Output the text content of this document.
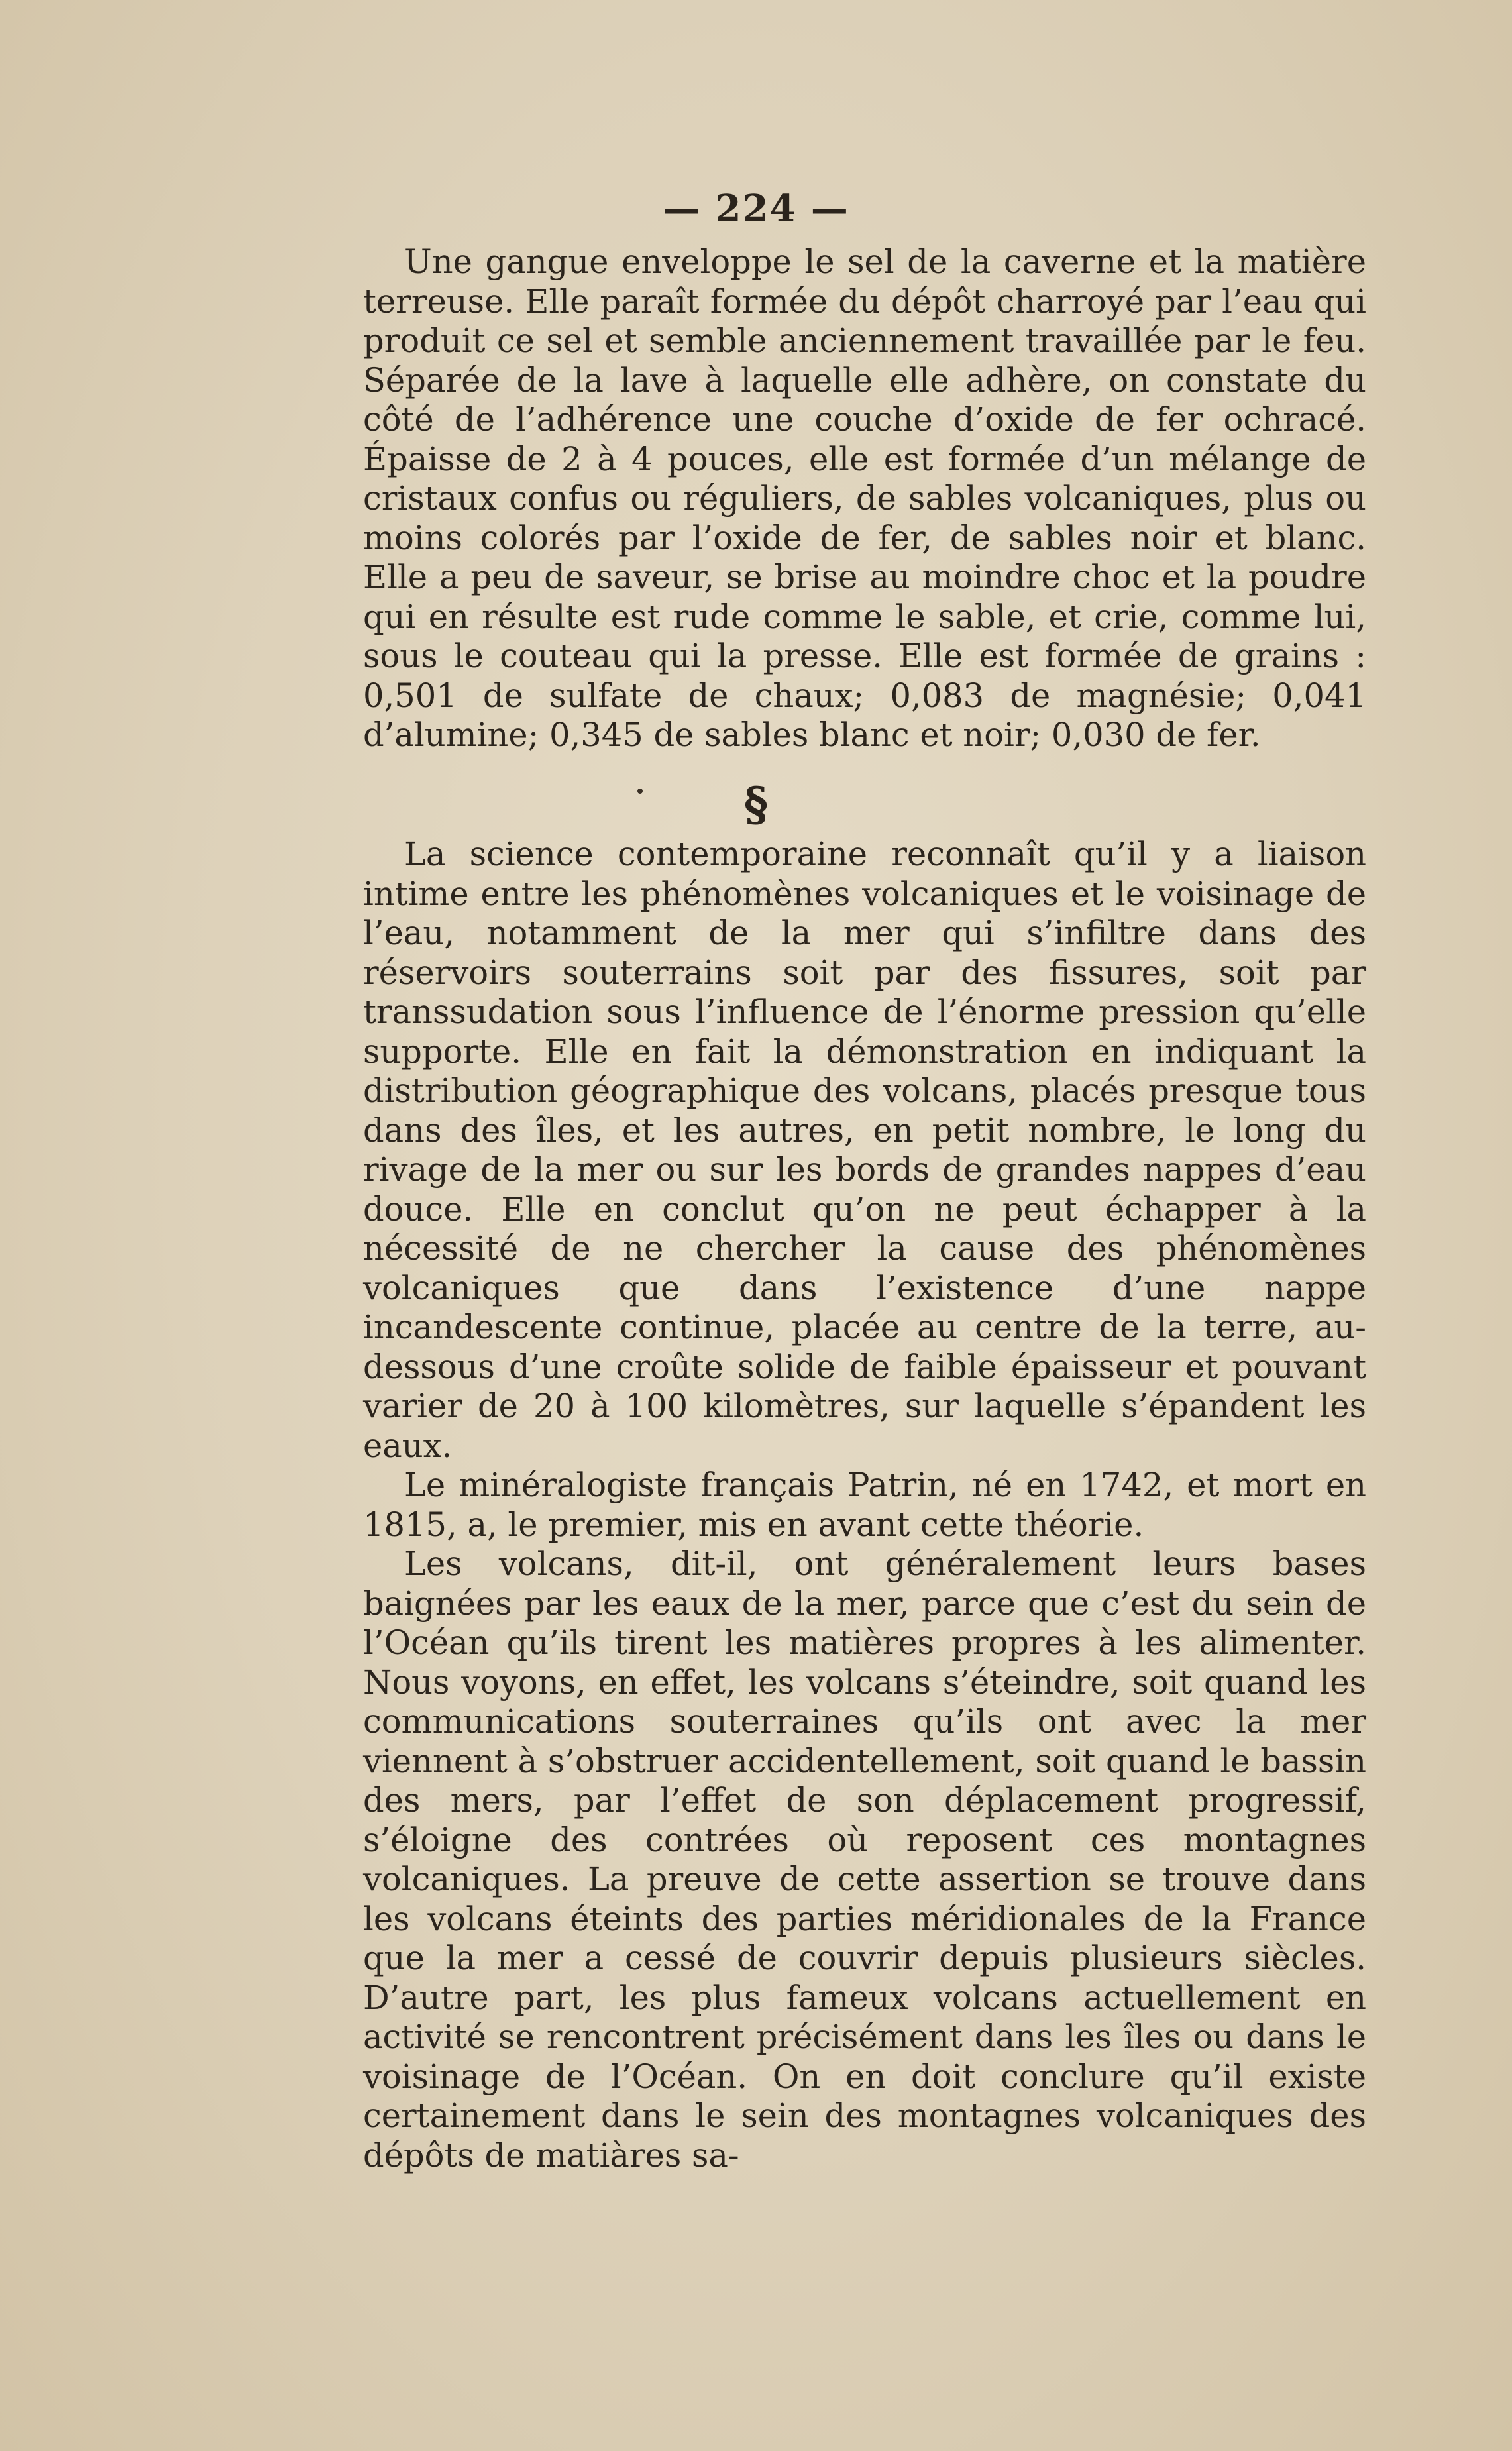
— 224 —

Une gangue enveloppe le sel de la caverne et la matière terreuse. Elle paraît formée du dépôt charroyé par l’eau qui produit ce sel et semble anciennement travaillée par le feu. Séparée de la lave à laquelle elle adhère, on constate du côté de l’adhérence une couche d’oxide de fer ochracé. Épaisse de 2 à 4 pouces, elle est formée d’un mélange de cristaux confus ou réguliers, de sables volcaniques, plus ou moins colorés par l’oxide de fer, de sables noir et blanc. Elle a peu de saveur, se brise au moindre choc et la poudre qui en résulte est rude comme le sable, et crie, comme lui, sous le couteau qui la presse. Elle est formée de grains : 0,501 de sulfate de chaux; 0,083 de magnésie; 0,041 d’alumine; 0,345 de sables blanc et noir; 0,030 de fer.

§

La science contemporaine reconnaît qu’il y a liaison intime entre les phénomènes volcaniques et le voisinage de l’eau, notamment de la mer qui s’infiltre dans des réservoirs souterrains soit par des fissures, soit par transsudation sous l’influence de l’énorme pression qu’elle supporte. Elle en fait la démonstration en indiquant la distribution géographique des volcans, placés presque tous dans des îles, et les autres, en petit nombre, le long du rivage de la mer ou sur les bords de grandes nappes d’eau douce. Elle en conclut qu’on ne peut échapper à la nécessité de ne chercher la cause des phénomènes volcaniques que dans l’existence d’une nappe incandescente continue, placée au centre de la terre, au-dessous d’une croûte solide de faible épaisseur et pouvant varier de 20 à 100 kilomètres, sur laquelle s’épandent les eaux.

Le minéralogiste français Patrin, né en 1742, et mort en 1815, a, le premier, mis en avant cette théorie.

Les volcans, dit-il, ont généralement leurs bases baignées par les eaux de la mer, parce que c’est du sein de l’Océan qu’ils tirent les matières propres à les alimenter. Nous voyons, en effet, les volcans s’éteindre, soit quand les communications souterraines qu’ils ont avec la mer viennent à s’obstruer accidentellement, soit quand le bassin des mers, par l’effet de son déplacement progressif, s’éloigne des contrées où reposent ces montagnes volcaniques. La preuve de cette assertion se trouve dans les volcans éteints des parties méridionales de la France que la mer a cessé de couvrir depuis plusieurs siècles. D’autre part, les plus fameux volcans actuellement en activité se rencontrent précisément dans les îles ou dans le voisinage de l’Océan. On en doit conclure qu’il existe certainement dans le sein des montagnes volcaniques des dépôts de matiàres sa-
